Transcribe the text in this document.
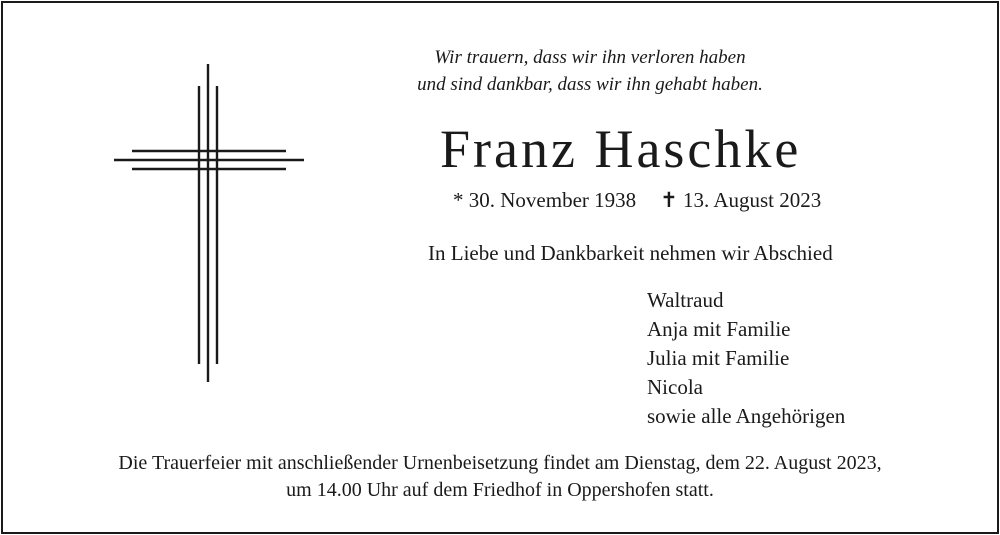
Wir trauern, dass wir ihn verloren haben
und sind dankbar, dass wir ihn gehabt haben.
Franz Haschke
* 30. November 1938 ✝ 13. August 2023
In Liebe und Dankbarkeit nehmen wir Abschied
Waltraud
Anja mit Familie
Julia mit Familie
Nicola
sowie alle Angehörigen
Die Trauerfeier mit anschließender Urnenbeisetzung findet am Dienstag, dem 22. August 2023,
um 14.00 Uhr auf dem Friedhof in Oppershofen statt.
